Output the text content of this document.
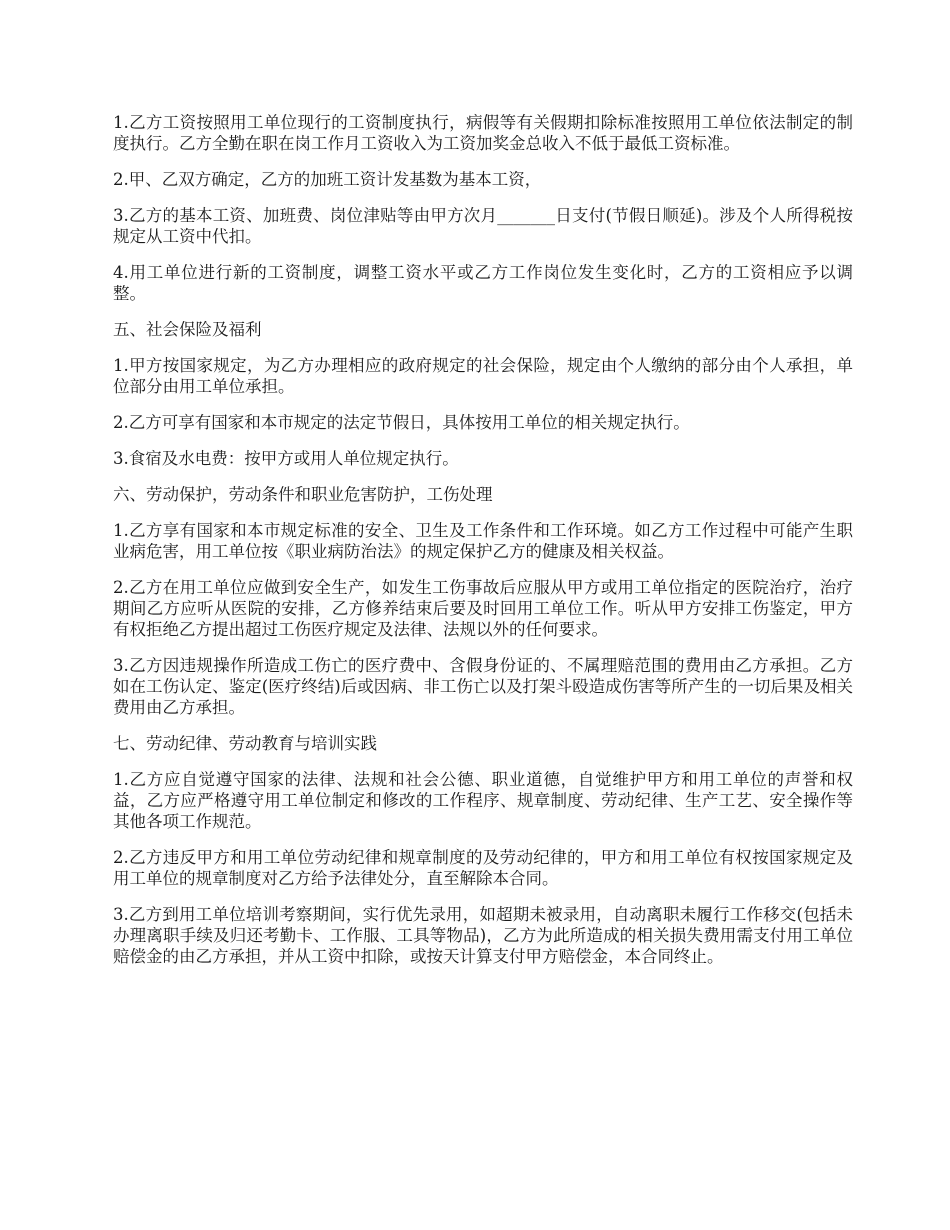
1.乙方工资按照用工单位现行的工资制度执行，病假等有关假期扣除标准按照用工单位依法制定的制度执行。乙方全勤在职在岗工作月工资收入为工资加奖金总收入不低于最低工资标准。

2.甲、乙双方确定，乙方的加班工资计发基数为基本工资，

3.乙方的基本工资、加班费、岗位津贴等由甲方次月_______日支付(节假日顺延)。涉及个人所得税按规定从工资中代扣。

4.用工单位进行新的工资制度，调整工资水平或乙方工作岗位发生变化时，乙方的工资相应予以调整。

五、社会保险及福利

1.甲方按国家规定，为乙方办理相应的政府规定的社会保险，规定由个人缴纳的部分由个人承担，单位部分由用工单位承担。

2.乙方可享有国家和本市规定的法定节假日，具体按用工单位的相关规定执行。

3.食宿及水电费：按甲方或用人单位规定执行。

六、劳动保护，劳动条件和职业危害防护，工伤处理

1.乙方享有国家和本市规定标准的安全、卫生及工作条件和工作环境。如乙方工作过程中可能产生职业病危害，用工单位按《职业病防治法》的规定保护乙方的健康及相关权益。

2.乙方在用工单位应做到安全生产，如发生工伤事故后应服从甲方或用工单位指定的医院治疗，治疗期间乙方应听从医院的安排，乙方修养结束后要及时回用工单位工作。听从甲方安排工伤鉴定，甲方有权拒绝乙方提出超过工伤医疗规定及法律、法规以外的任何要求。

3.乙方因违规操作所造成工伤亡的医疗费中、含假身份证的、不属理赔范围的费用由乙方承担。乙方如在工伤认定、鉴定(医疗终结)后或因病、非工伤亡以及打架斗殴造成伤害等所产生的一切后果及相关费用由乙方承担。

七、劳动纪律、劳动教育与培训实践

1.乙方应自觉遵守国家的法律、法规和社会公德、职业道德，自觉维护甲方和用工单位的声誉和权益，乙方应严格遵守用工单位制定和修改的工作程序、规章制度、劳动纪律、生产工艺、安全操作等其他各项工作规范。

2.乙方违反甲方和用工单位劳动纪律和规章制度的及劳动纪律的，甲方和用工单位有权按国家规定及用工单位的规章制度对乙方给予法律处分，直至解除本合同。

3.乙方到用工单位培训考察期间，实行优先录用，如超期未被录用，自动离职未履行工作移交(包括未办理离职手续及归还考勤卡、工作服、工具等物品)，乙方为此所造成的相关损失费用需支付用工单位赔偿金的由乙方承担，并从工资中扣除，或按天计算支付甲方赔偿金，本合同终止。
